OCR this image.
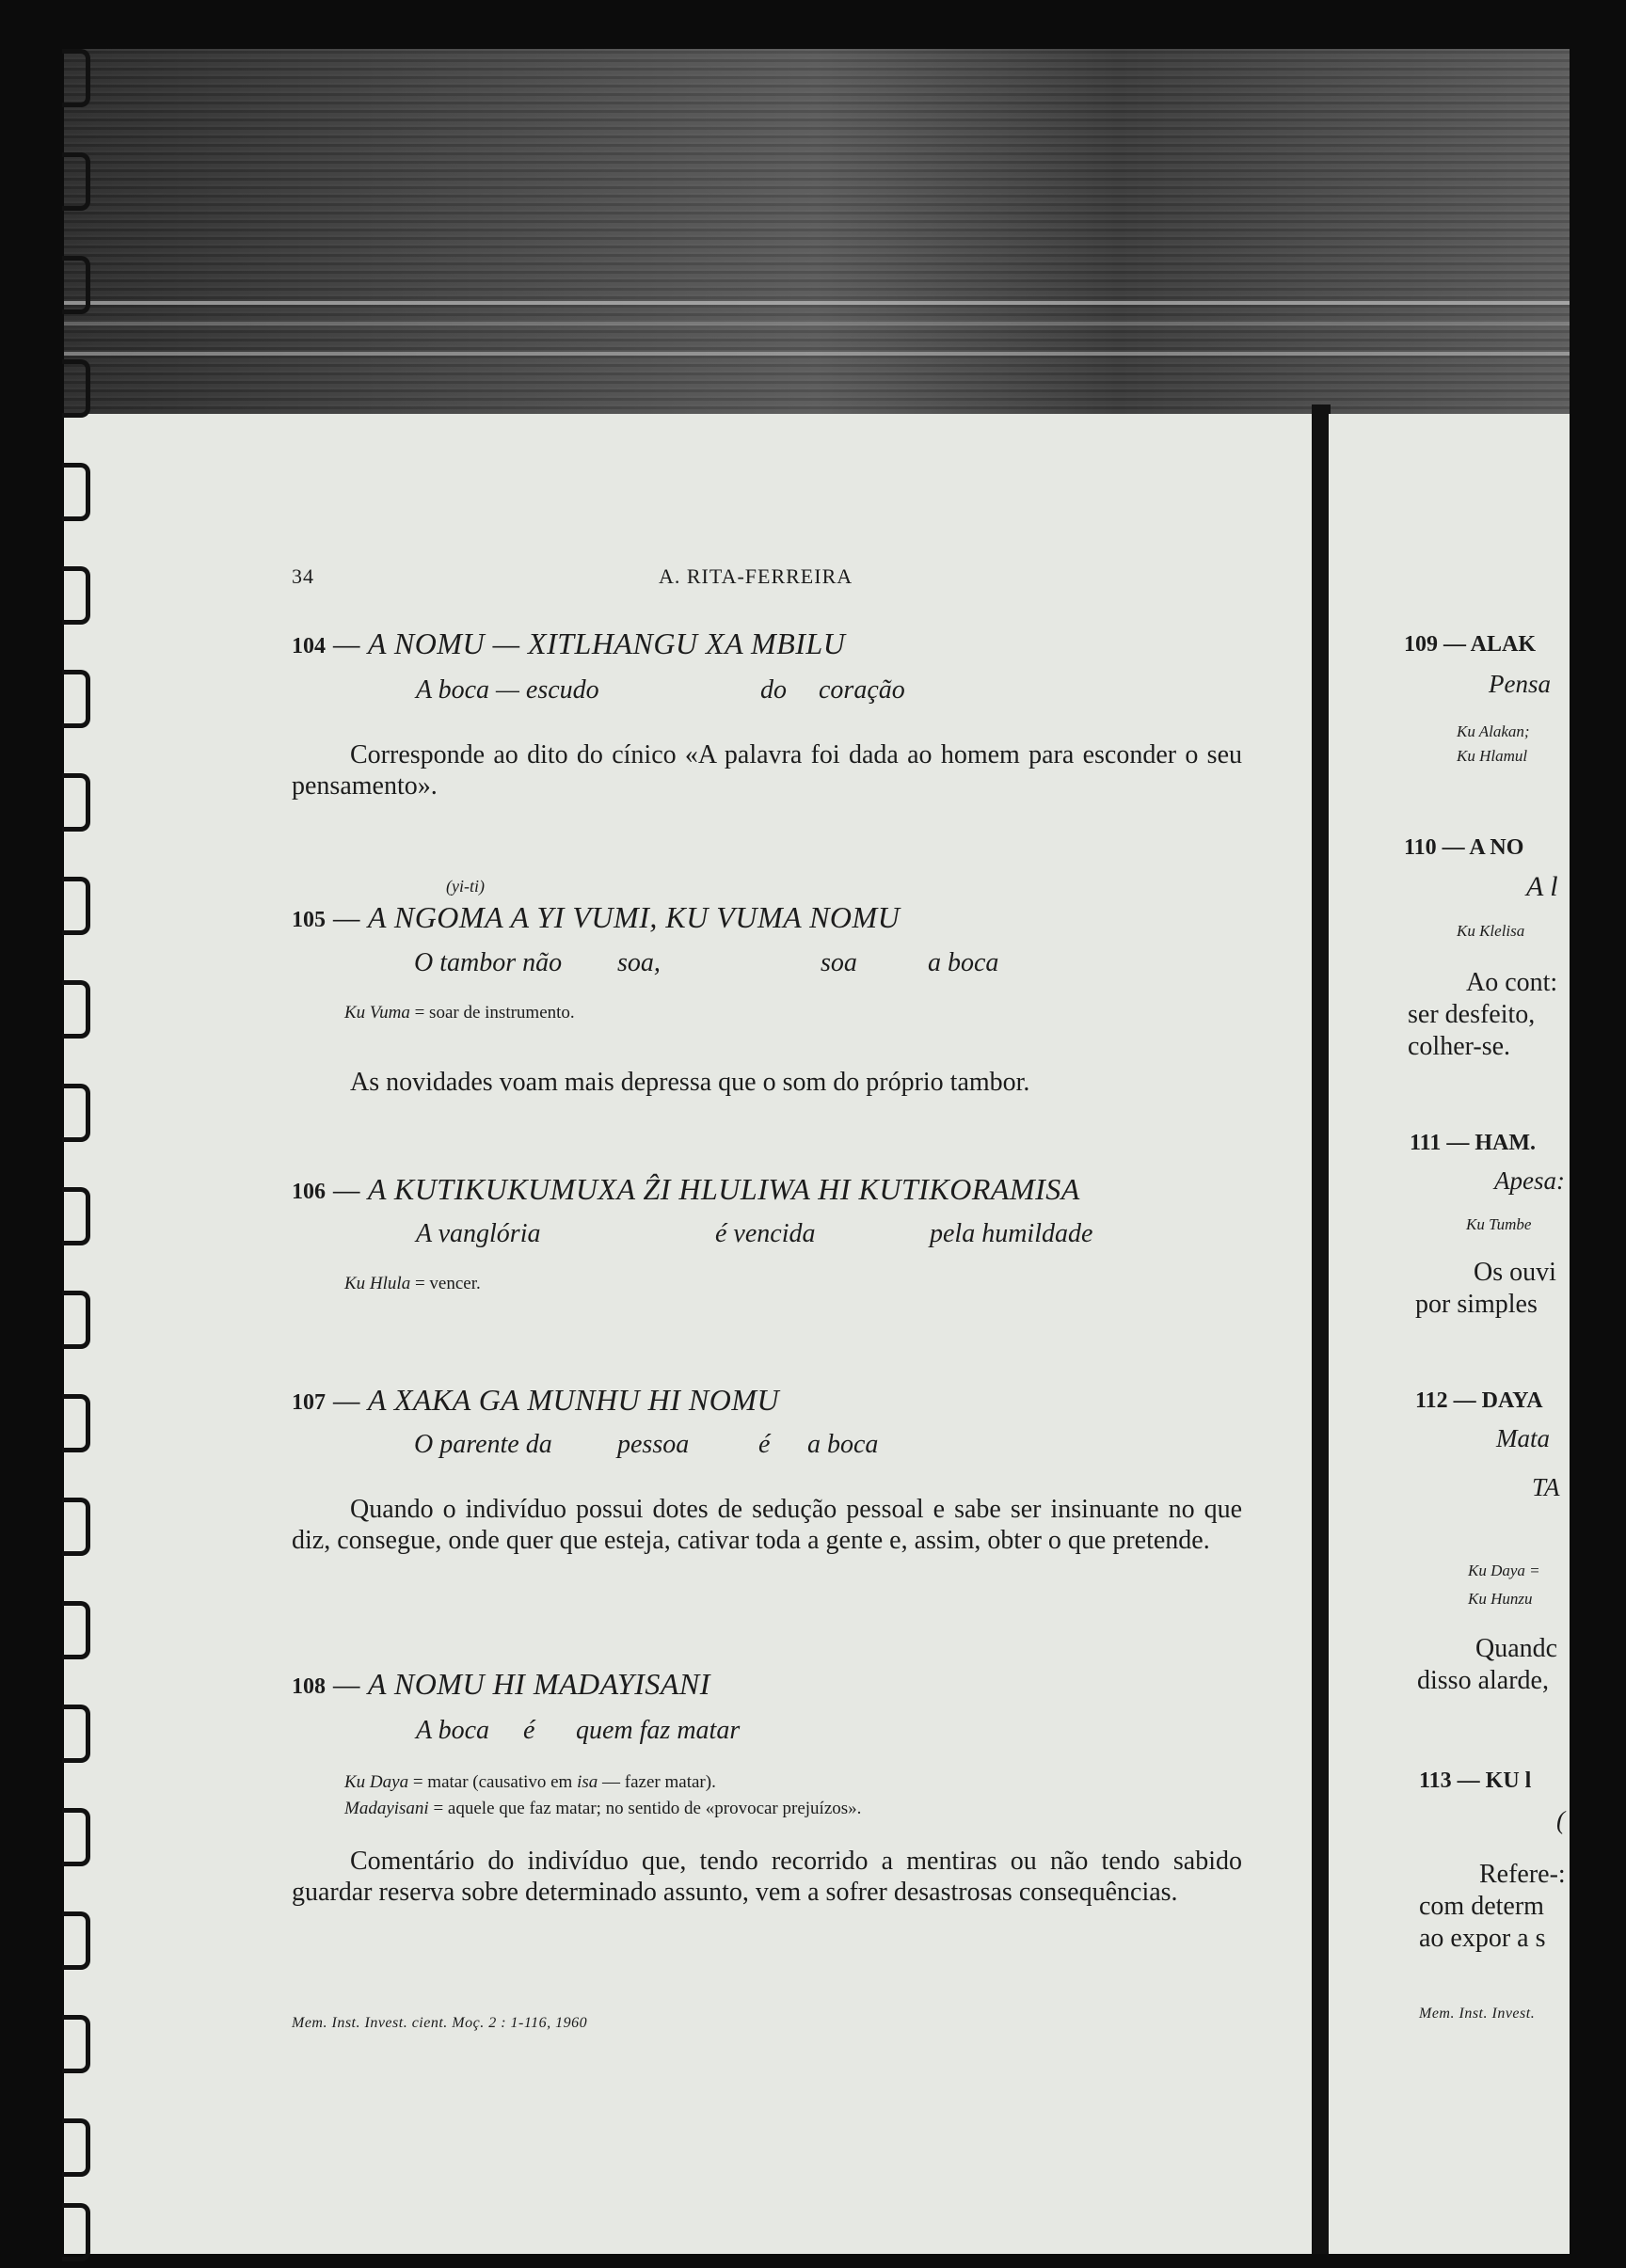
34	A. RITA-FERREIRA
104 — A NOMU — XITLHANGU XA MBILU
A boca — escudo	do coração
Corresponde ao dito do cínico «A palavra foi dada ao homem para esconder o seu pensamento».
(yi-ti)
105 — A NGOMA A YI VUMI, KU VUMA NOMU
O tambor não soa,	soa	a boca
Ku Vuma = soar de instrumento.
As novidades voam mais depressa que o som do próprio tambor.
106 — A KUTIKUKUMUXA ẐI HLULIWA HI KUTIKORAMISA
A vanglória	é vencida	pela humildade
Ku Hlula = vencer.
107 — A XAKA GA MUNHU HI NOMU
O parente da pessoa	é a boca
Quando o indivíduo possui dotes de sedução pessoal e sabe ser insinuante no que diz, consegue, onde quer que esteja, cativar toda a gente e, assim, obter o que pretende.
108 — A NOMU HI MADAYISANI
A boca é quem faz matar
Ku Daya = matar (causativo em isa — fazer matar).
Madayisani = aquele que faz matar; no sentido de «provocar prejuízos».
Comentário do indivíduo que, tendo recorrido a mentiras ou não tendo sabido guardar reserva sobre determinado assunto, vem a sofrer desastrosas consequências.
Mem. Inst. Invest. cient. Moç. 2 : 1-116, 1960
109 — ALAK
Pensa
Ku Alakan;
Ku Hlamul
110 — A NO
A l
Ku Klelisa
Ao cont:
ser desfeito,
colher-se.
111 — HAM.
Apesa:
Ku Tumbe
Os ouvi
por simples
112 — DAYA
Mata
TA
Ku Daya =
Ku Hunzu
Quandc
disso alarde,
113 — KU l
(
Refere-:
com determ
ao expor a s
Mem. Inst. Invest.
